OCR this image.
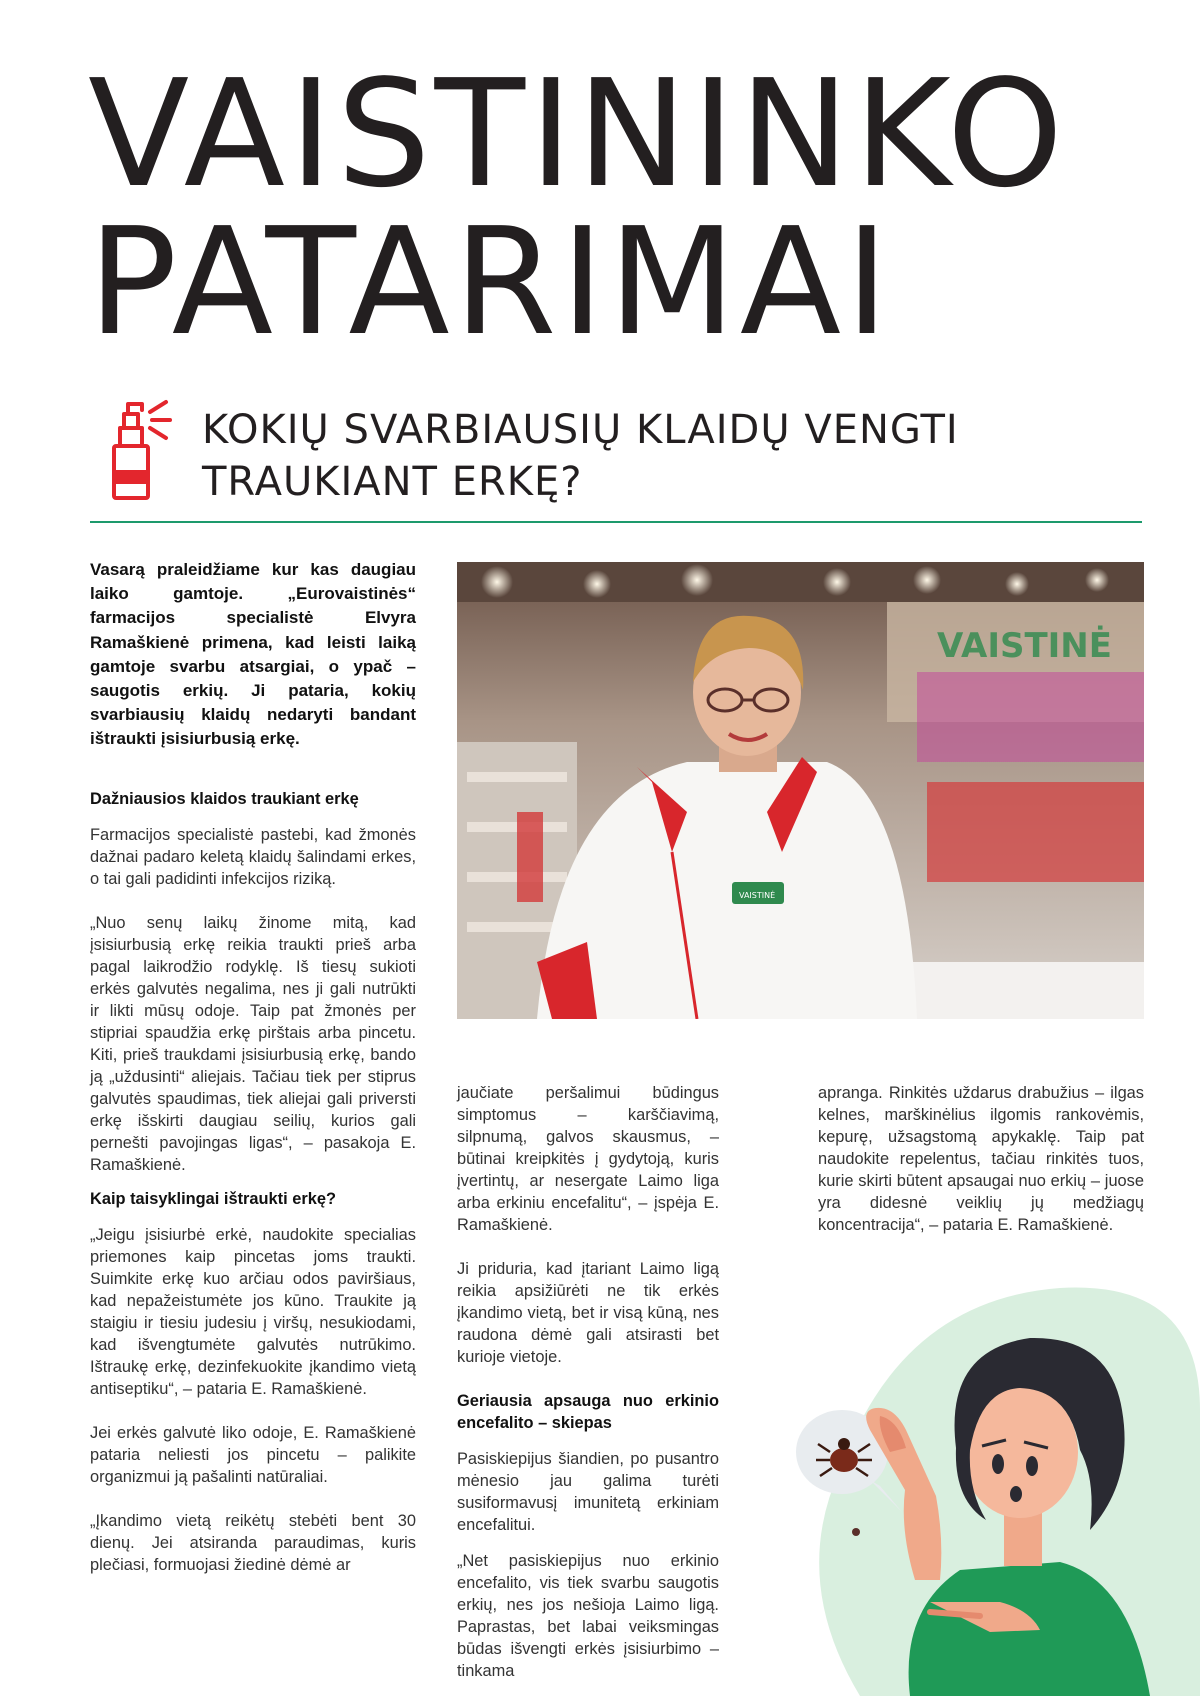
VAISTININKO
PATARIMAI
KOKIŲ SVARBIAUSIŲ KLAIDŲ VENGTI
TRAUKIANT ERKĘ?
VAISTINĖ
VAISTINĖ

Vasarą praleidžiame kur kas daugiau laiko gamtoje. „Eurovaistinės“ farmacijos specialistė Elvyra Ramaškienė primena, kad leisti laiką gamtoje svarbu atsargiai, o ypač – saugotis erkių. Ji pataria, kokių svarbiausių klaidų nedaryti bandant ištraukti įsisiurbusią erkę.

Dažniausios klaidos traukiant erkę

Farmacijos specialistė pastebi, kad žmonės dažnai padaro keletą klaidų šalindami erkes, o tai gali padidinti infekcijos riziką.

„Nuo senų laikų žinome mitą, kad įsisiurbusią erkę reikia traukti prieš arba pagal laikrodžio rodyklę. Iš tiesų sukioti erkės galvutės negalima, nes ji gali nutrūkti ir likti mūsų odoje. Taip pat žmonės per stipriai spaudžia erkę pirštais arba pincetu. Kiti, prieš traukdami įsisiurbusią erkę, bando ją „uždusinti“ aliejais. Tačiau tiek per stiprus galvutės spaudimas, tiek aliejai gali priversti erkę išskirti daugiau seilių, kurios gali pernešti pavojingas ligas“, – pasakoja E. Ramaškienė.

Kaip taisyklingai ištraukti erkę?

„Jeigu įsisiurbė erkė, naudokite specialias priemones kaip pincetas joms traukti. Suimkite erkę kuo arčiau odos paviršiaus, kad nepažeistumėte jos kūno. Traukite ją staigiu ir tiesiu judesiu į viršų, nesukiodami, kad išvengtumėte galvutės nutrūkimo. Ištraukę erkę, dezinfekuokite įkandimo vietą antiseptiku“, – pataria E. Ramaškienė.

Jei erkės galvutė liko odoje, E. Ramaškienė pataria neliesti jos pincetu – palikite organizmui ją pašalinti natūraliai.

„Įkandimo vietą reikėtų stebėti bent 30 dienų. Jei atsiranda paraudimas, kuris plečiasi, formuojasi žiedinė dėmė ar

jaučiate peršalimui būdingus simptomus – karščiavimą, silpnumą, galvos skausmus, – būtinai kreipkitės į gydytoją, kuris įvertintų, ar nesergate Laimo liga arba erkiniu encefalitu“, – įspėja E. Ramaškienė.

Ji priduria, kad įtariant Laimo ligą reikia apsižiūrėti ne tik erkės įkandimo vietą, bet ir visą kūną, nes raudona dėmė gali atsirasti bet kurioje vietoje.

Geriausia apsauga nuo erkinio encefalito – skiepas

Pasiskiepijus šiandien, po pusantro mėnesio jau galima turėti susiformavusį imunitetą erkiniam encefalitui.

„Net pasiskiepijus nuo erkinio encefalito, vis tiek svarbu saugotis erkių, nes jos nešioja Laimo ligą. Paprastas, bet labai veiksmingas būdas išvengti erkės įsisiurbimo – tinkama

apranga. Rinkitės uždarus drabužius – ilgas kelnes, marškinėlius ilgomis rankovėmis, kepurę, užsagstomą apykaklę. Taip pat naudokite repelentus, tačiau rinkitės tuos, kurie skirti būtent apsaugai nuo erkių – juose yra didesnė veiklių jų medžiagų koncentracija“, – pataria E. Ramaškienė.
